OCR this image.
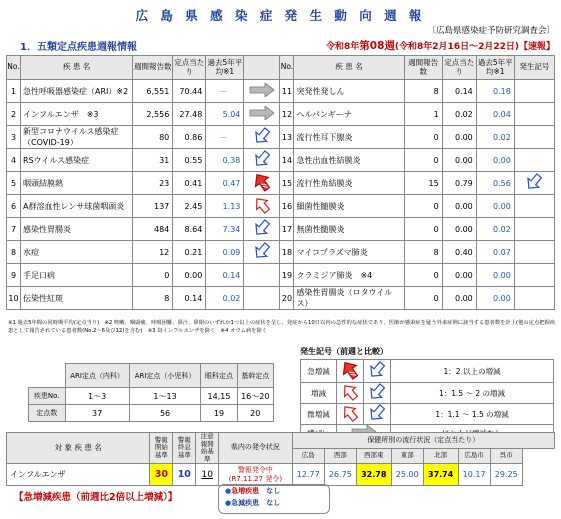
広 島 県 感 染 症 発 生 動 向 週 報
〔広島県感染症予防研究調査会〕
1．五類定点疾患週報情報	令和8年第08週(令和8年2月16日～2月22日)【速報】
No.	疾 患 名	週間報告数	定点当たり	過去5年平均※1		No.	疾 患 名	週間報告数	定点当たり	過去5年平均※1	発生記号
1	急性呼吸器感染症（ARI）※2	6,551	70.44	－		11	突発性発しん	8	0.14	0.18	
2	インフルエンザ　※3	2,556	27.48	5.04		12	ヘルパンギーナ	1	0.02	0.04	
3	新型コロナウイルス感染症（COVID-19）	80	0.86	－		13	流行性耳下腺炎	0	0.00	0.02	
4	RSウイルス感染症	31	0.55	0.38		14	急性出血性結膜炎	0	0.00	0.00	
5	咽頭結膜熱	23	0.41	0.47		15	流行性角結膜炎	15	0.79	0.56	
6	A群溶血性レンサ球菌咽頭炎	137	2.45	1.13		16	細菌性髄膜炎	0	0.00	0.00	
7	感染性胃腸炎	484	8.64	7.34		17	無菌性髄膜炎	0	0.00	0.02	
8	水痘	12	0.21	0.09		18	マイコプラズマ肺炎	8	0.40	0.07	
9	手足口病	0	0.00	0.14		19	クラミジア肺炎　※4	0	0.00	0.00	
10	伝染性紅斑	8	0.14	0.02		20	感染性胃腸炎（ロタウイルス）	0	0.00	0.00	
※1 過去5年間の同時期平均(定点当り)　※2 咳嗽、咽頭痛、呼吸困難、鼻汁、鼻閉のいずれか1つ以上の症状を呈し、発症から10日以内の急性的な症状であり、医師が感染症を疑う外来症例に該当する患者数を計上(他の定点把握疾患として報告されている患者数(No.2～6及び12)を含む)　※3 鳥インフルエンザを除く　※4 オウム病を除く
	ARI定点（内科）	ARI定点（小児科）	眼科定点	基幹定点
疾患No.	1～3	1～13	14,15	16～20
定点数	37	56	19	20
発生記号（前週と比較）
急増減			1：2 以上の増減
増減			1：1.5 ～ 2 の増減
微増減			1：1.1 ～ 1.5 の増減

対 象 疾 患 名	警報開始基準	警報終息基準	注意報開始基準	県内の発令状況	保健所別の流行状況（定点当たり）						
					広島	西部	西部東	東部	北部	広島市	呉市
インフルエンザ	30	10	10	警報発令中
(R7.11.27 発令)	12.77	26.75	32.78	25.00	37.74	10.17	29.25
【急増減疾患（前週比2倍以上増減）】
●急増疾患　 なし
●急減疾患　 なし
